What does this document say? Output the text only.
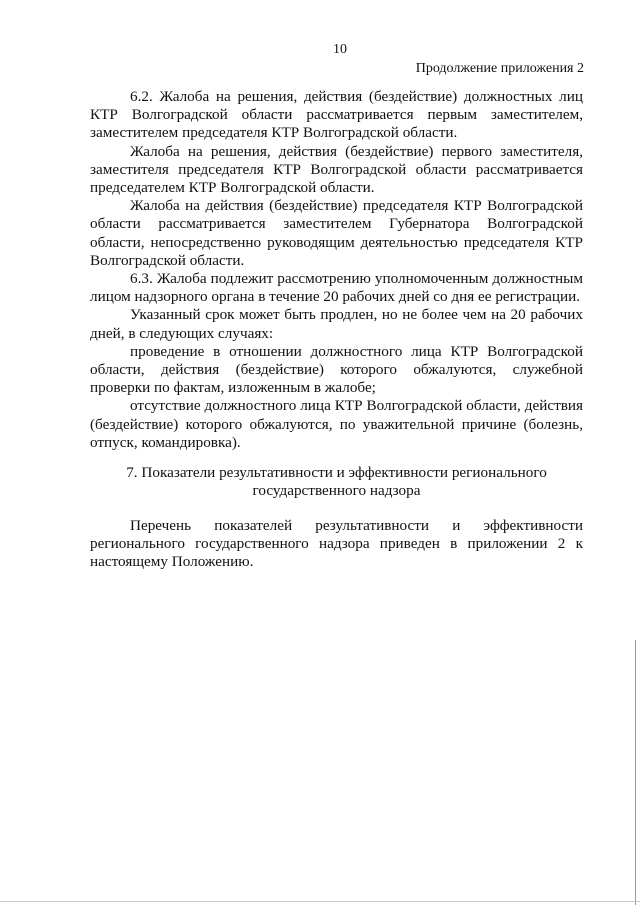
10
Продолжение приложения 2

6.2. Жалоба на решения, действия (бездействие) должностных лиц КТР Волгоградской области рассматривается первым заместителем, заместителем председателя КТР Волгоградской области.

Жалоба на решения, действия (бездействие) первого заместителя, заместителя председателя КТР Волгоградской области рассматривается председателем КТР Волгоградской области.

Жалоба на действия (бездействие) председателя КТР Волгоградской области рассматривается заместителем Губернатора Волгоградской области, непосредственно руководящим деятельностью председателя КТР Волгоградской области.

6.3. Жалоба подлежит рассмотрению уполномоченным должностным лицом надзорного органа в течение 20 рабочих дней со дня ее регистрации.

Указанный срок может быть продлен, но не более чем на 20 рабочих дней, в следующих случаях:

проведение в отношении должностного лица КТР Волгоградской области, действия (бездействие) которого обжалуются, служебной проверки по фактам, изложенным в жалобе;

отсутствие должностного лица КТР Волгоградской области, действия (бездействие) которого обжалуются, по уважительной причине (болезнь, отпуск, командировка).

7. Показатели результативности и эффективности регионального
государственного надзора

Перечень показателей результативности и эффективности регионального государственного надзора приведен в приложении 2 к настоящему Положению.
